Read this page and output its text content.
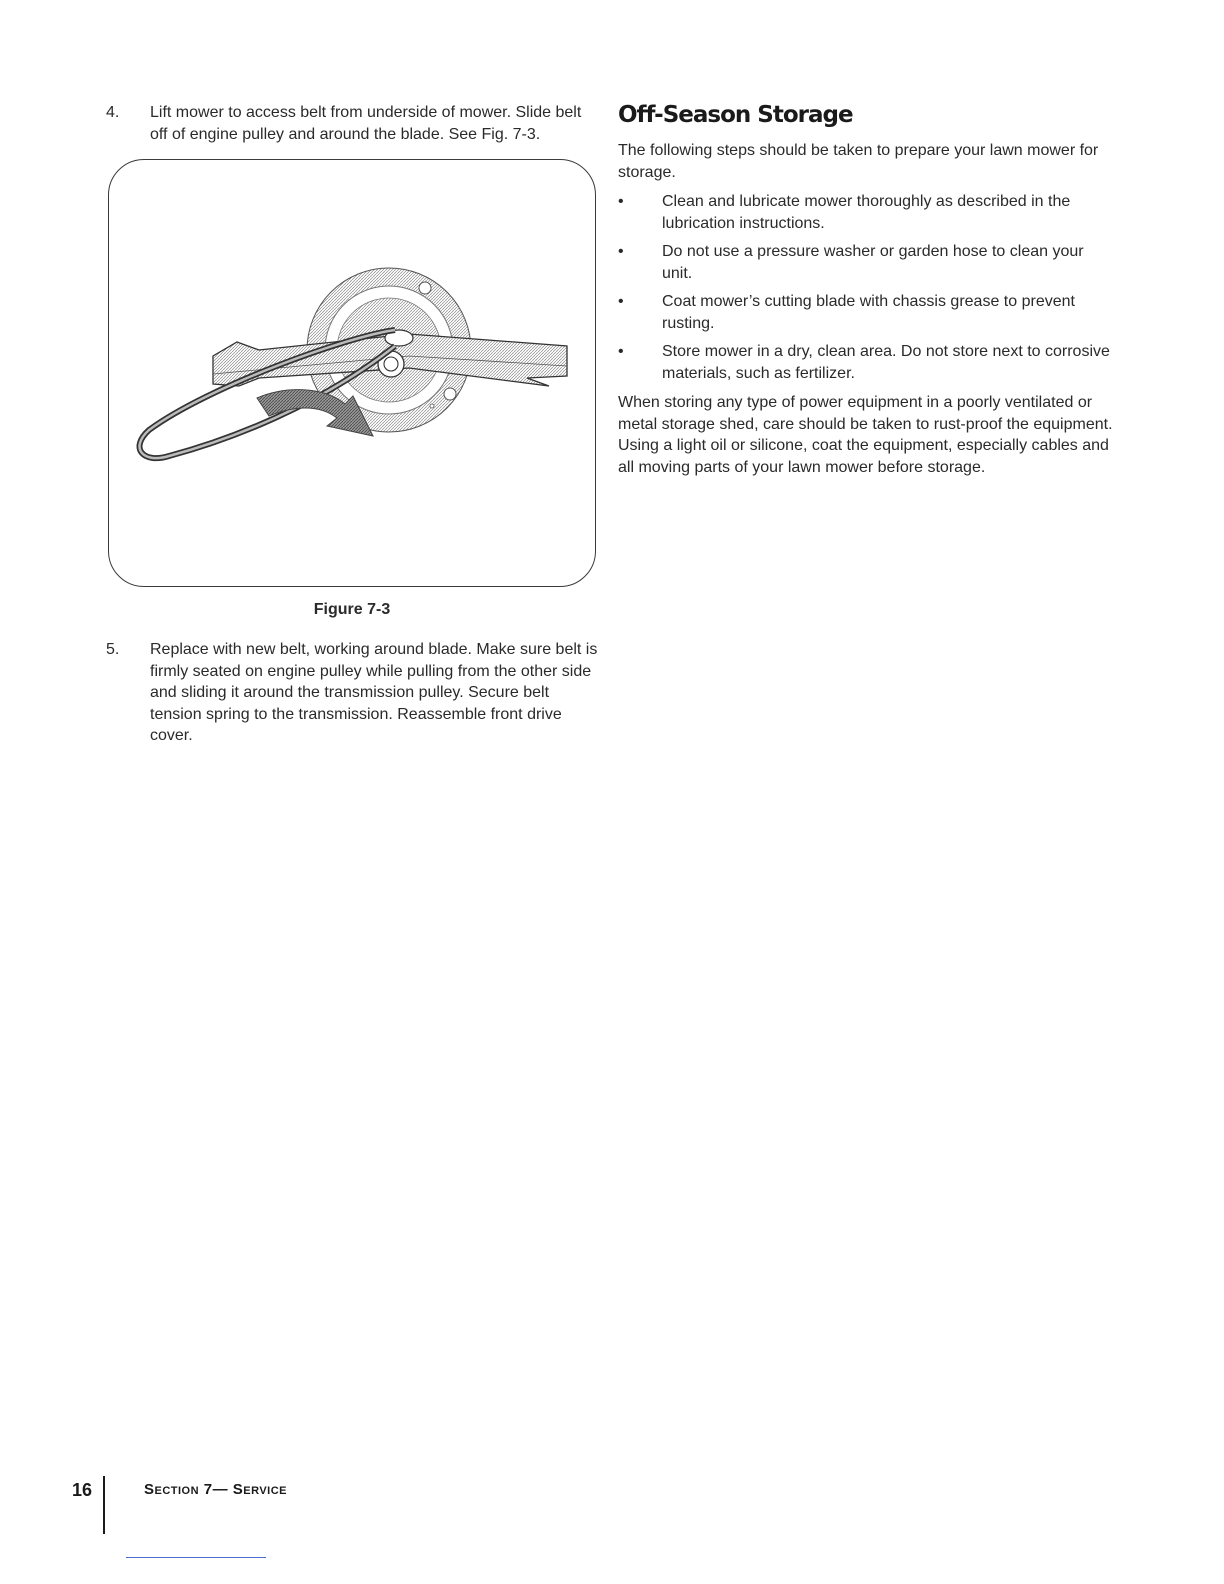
4. Lift mower to access belt from underside of mower. Slide belt off of engine pulley and around the blade. See Fig. 7-3.
Figure 7-3
5. Replace with new belt, working around blade. Make sure belt is firmly seated on engine pulley while pulling from the other side and sliding it around the transmission pulley. Secure belt tension spring to the transmission. Reassemble front drive cover.
Off-Season Storage

The following steps should be taken to prepare your lawn mower for storage.

• Clean and lubricate mower thoroughly as described in the lubrication instructions.
• Do not use a pressure washer or garden hose to clean your unit.
• Coat mower’s cutting blade with chassis grease to prevent rusting.
• Store mower in a dry, clean area. Do not store next to corrosive materials, such as fertilizer.

When storing any type of power equipment in a poorly ventilated or metal storage shed, care should be taken to rust-proof the equipment. Using a light oil or silicone, coat the equipment, especially cables and all moving parts of your lawn mower before storage.

16	Section 7— Service
